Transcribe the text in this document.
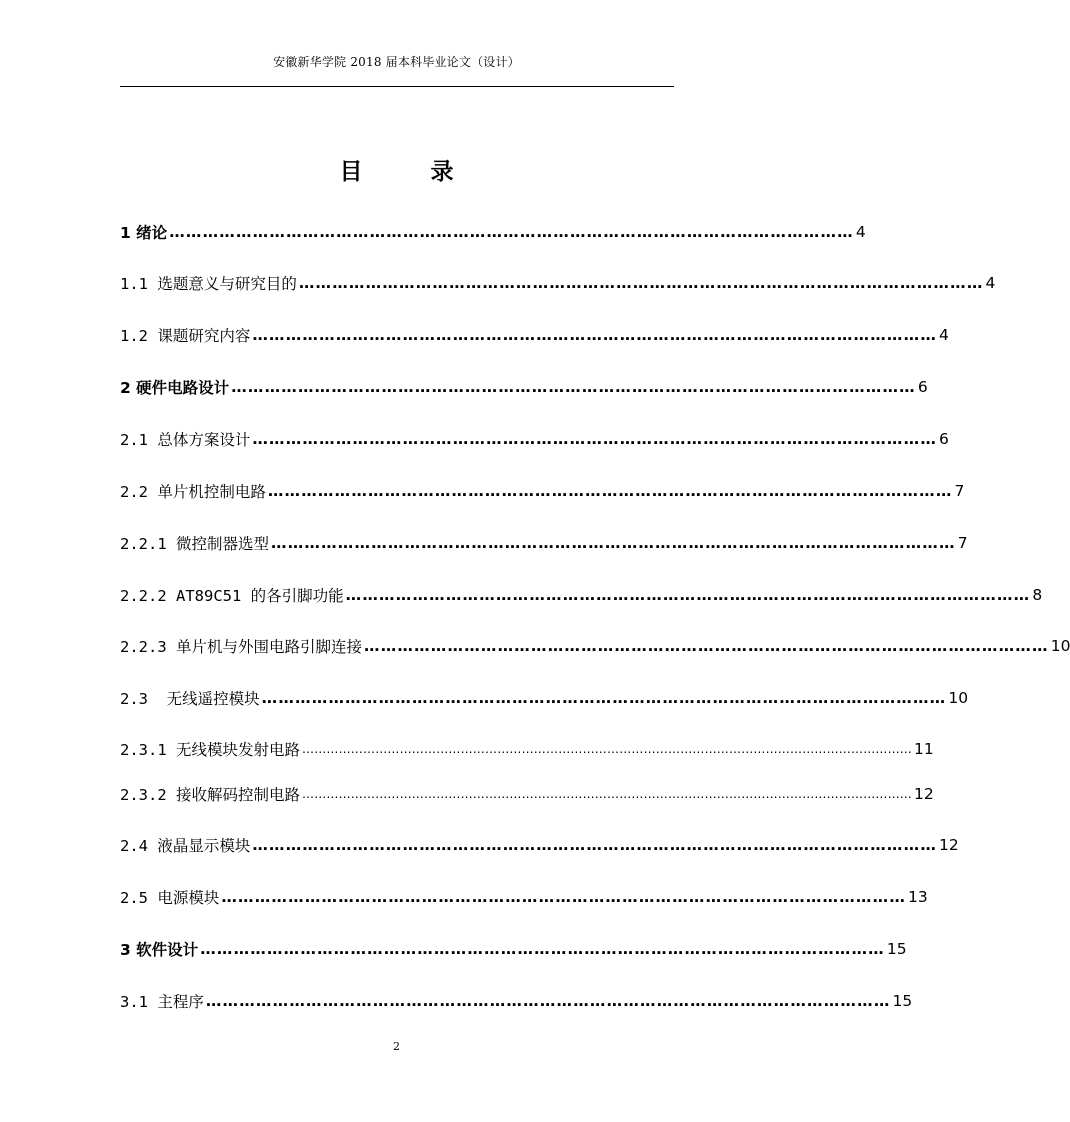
安徽新华学院 2018 届本科毕业论文（设计）
目 录
1 绪论 …………………………………………………………………………………………………………… 4
1.1 选题意义与研究目的 …………………………………………………………………………………………………………… 4
1.2 课题研究内容 …………………………………………………………………………………………………………… 4
2 硬件电路设计 …………………………………………………………………………………………………………… 6
2.1 总体方案设计 …………………………………………………………………………………………………………… 6
2.2 单片机控制电路 …………………………………………………………………………………………………………… 7
2.2.1 微控制器选型 …………………………………………………………………………………………………………… 7
2.2.2 AT89C51 的各引脚功能 …………………………………………………………………………………………………………… 8
2.2.3 单片机与外围电路引脚连接 …………………………………………………………………………………………………………… 10
2.3  无线遥控模块 …………………………………………………………………………………………………………… 10
2.3.1 无线模块发射电路 …………………………………………………………………………………………………………………………………… 11
2.3.2 接收解码控制电路 …………………………………………………………………………………………………………………………………… 12
2.4 液晶显示模块 …………………………………………………………………………………………………………… 12
2.5 电源模块 …………………………………………………………………………………………………………… 13
3 软件设计 …………………………………………………………………………………………………………… 15
3.1 主程序 …………………………………………………………………………………………………………… 15
2
